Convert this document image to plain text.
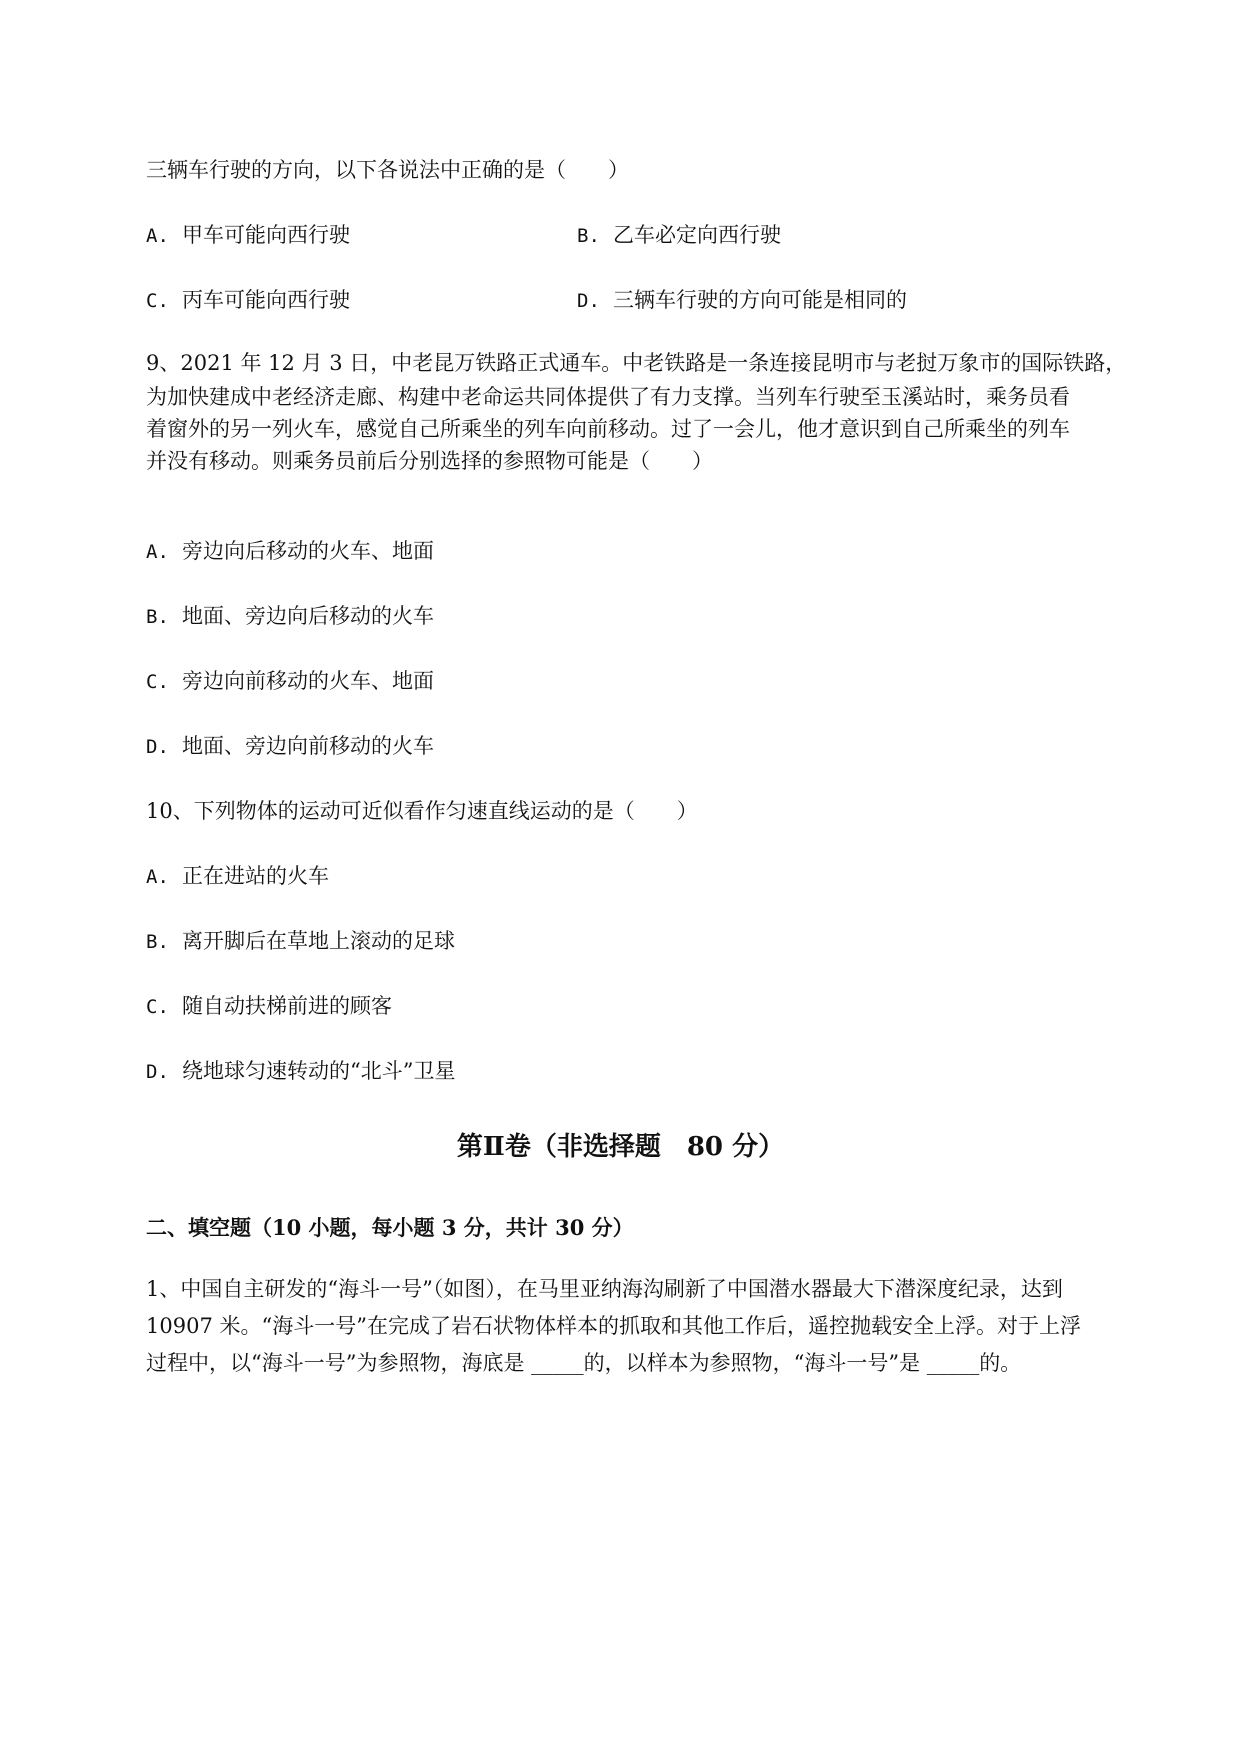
三辆车行驶的方向，以下各说法中正确的是（　　）
A. 甲车可能向西行驶	B. 乙车必定向西行驶
C. 丙车可能向西行驶	D. 三辆车行驶的方向可能是相同的
9、2021 年 12 月 3 日，中老昆万铁路正式通车。中老铁路是一条连接昆明市与老挝万象市的国际铁路，
为加快建成中老经济走廊、构建中老命运共同体提供了有力支撑。当列车行驶至玉溪站时，乘务员看
着窗外的另一列火车，感觉自己所乘坐的列车向前移动。过了一会儿，他才意识到自己所乘坐的列车
并没有移动。则乘务员前后分别选择的参照物可能是（　　）
A. 旁边向后移动的火车、地面
B. 地面、旁边向后移动的火车
C. 旁边向前移动的火车、地面
D. 地面、旁边向前移动的火车
10、下列物体的运动可近似看作匀速直线运动的是（　　）
A. 正在进站的火车
B. 离开脚后在草地上滚动的足球
C. 随自动扶梯前进的顾客
D. 绕地球匀速转动的“北斗”卫星
第Ⅱ卷（非选择题　80 分）
二、填空题（10 小题，每小题 3 分，共计 30 分）
1、中国自主研发的“海斗一号”（如图），在马里亚纳海沟刷新了中国潜水器最大下潜深度纪录，达到
10907 米。“海斗一号”在完成了岩石状物体样本的抓取和其他工作后，遥控抛载安全上浮。对于上浮
过程中，以“海斗一号”为参照物，海底是 _____的，以样本为参照物，“海斗一号”是 _____的。
